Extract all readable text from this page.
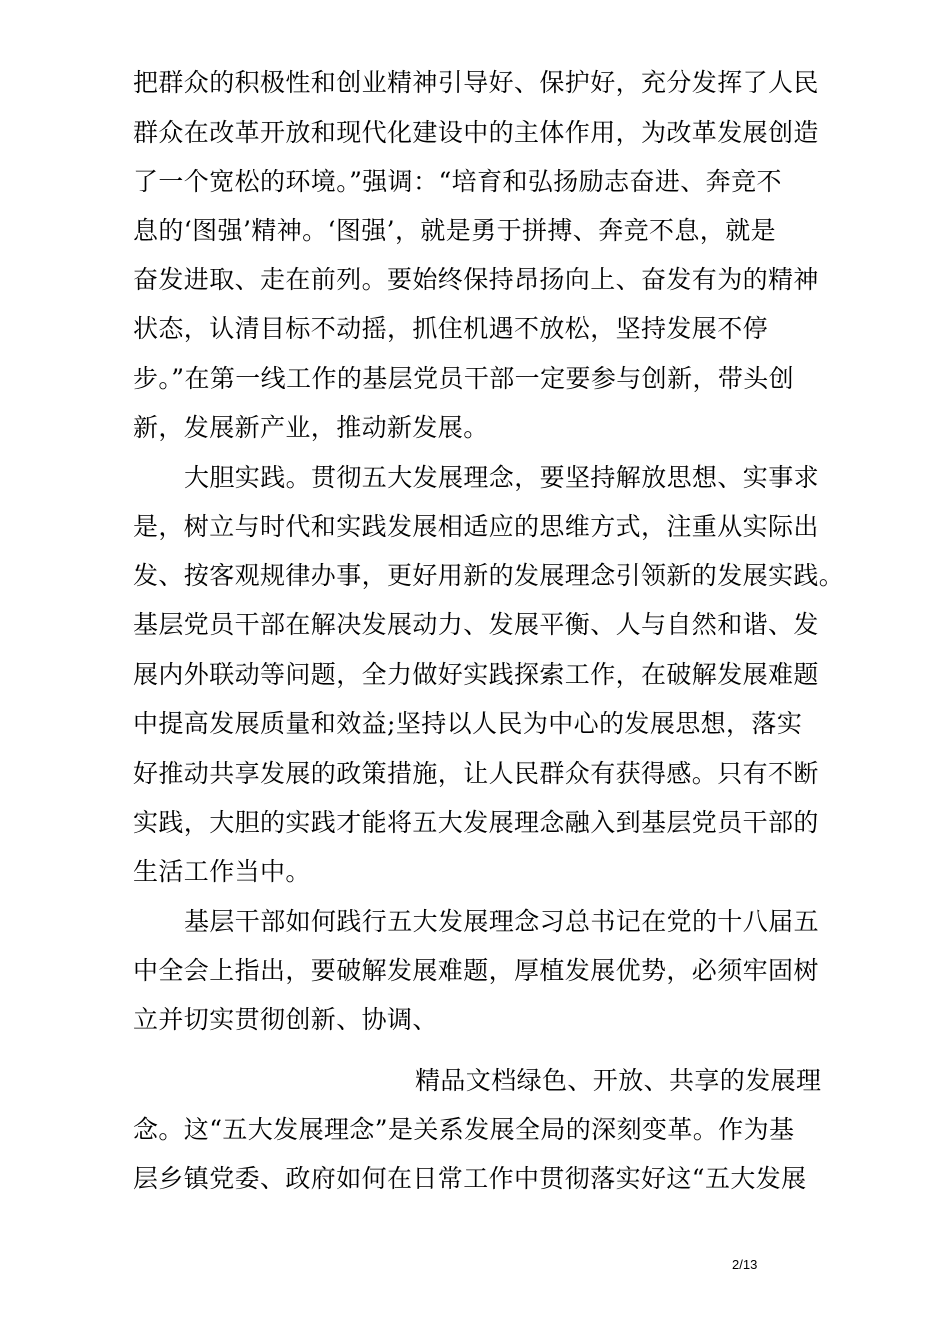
把群众的积极性和创业精神引导好、保护好，充分发挥了人民
群众在改革开放和现代化建设中的主体作用，为改革发展创造
了一个宽松的环境。”强调：“培育和弘扬励志奋进、奔竞不
息的‘图强’精神。‘图强’，就是勇于拼搏、奔竞不息，就是
奋发进取、走在前列。要始终保持昂扬向上、奋发有为的精神
状态，认清目标不动摇，抓住机遇不放松，坚持发展不停
步。”在第一线工作的基层党员干部一定要参与创新，带头创
新，发展新产业，推动新发展。
大胆实践。贯彻五大发展理念，要坚持解放思想、实事求
是，树立与时代和实践发展相适应的思维方式，注重从实际出
发、按客观规律办事，更好用新的发展理念引领新的发展实践。
基层党员干部在解决发展动力、发展平衡、人与自然和谐、发
展内外联动等问题，全力做好实践探索工作，在破解发展难题
中提高发展质量和效益;坚持以人民为中心的发展思想，落实
好推动共享发展的政策措施，让人民群众有获得感。只有不断
实践，大胆的实践才能将五大发展理念融入到基层党员干部的
生活工作当中。
基层干部如何践行五大发展理念习总书记在党的十八届五
中全会上指出，要破解发展难题，厚植发展优势，必须牢固树
立并切实贯彻创新、协调、
精品文档绿色、开放、共享的发展理
念。这“五大发展理念”是关系发展全局的深刻变革。作为基
层乡镇党委、政府如何在日常工作中贯彻落实好这“五大发展
2/13
